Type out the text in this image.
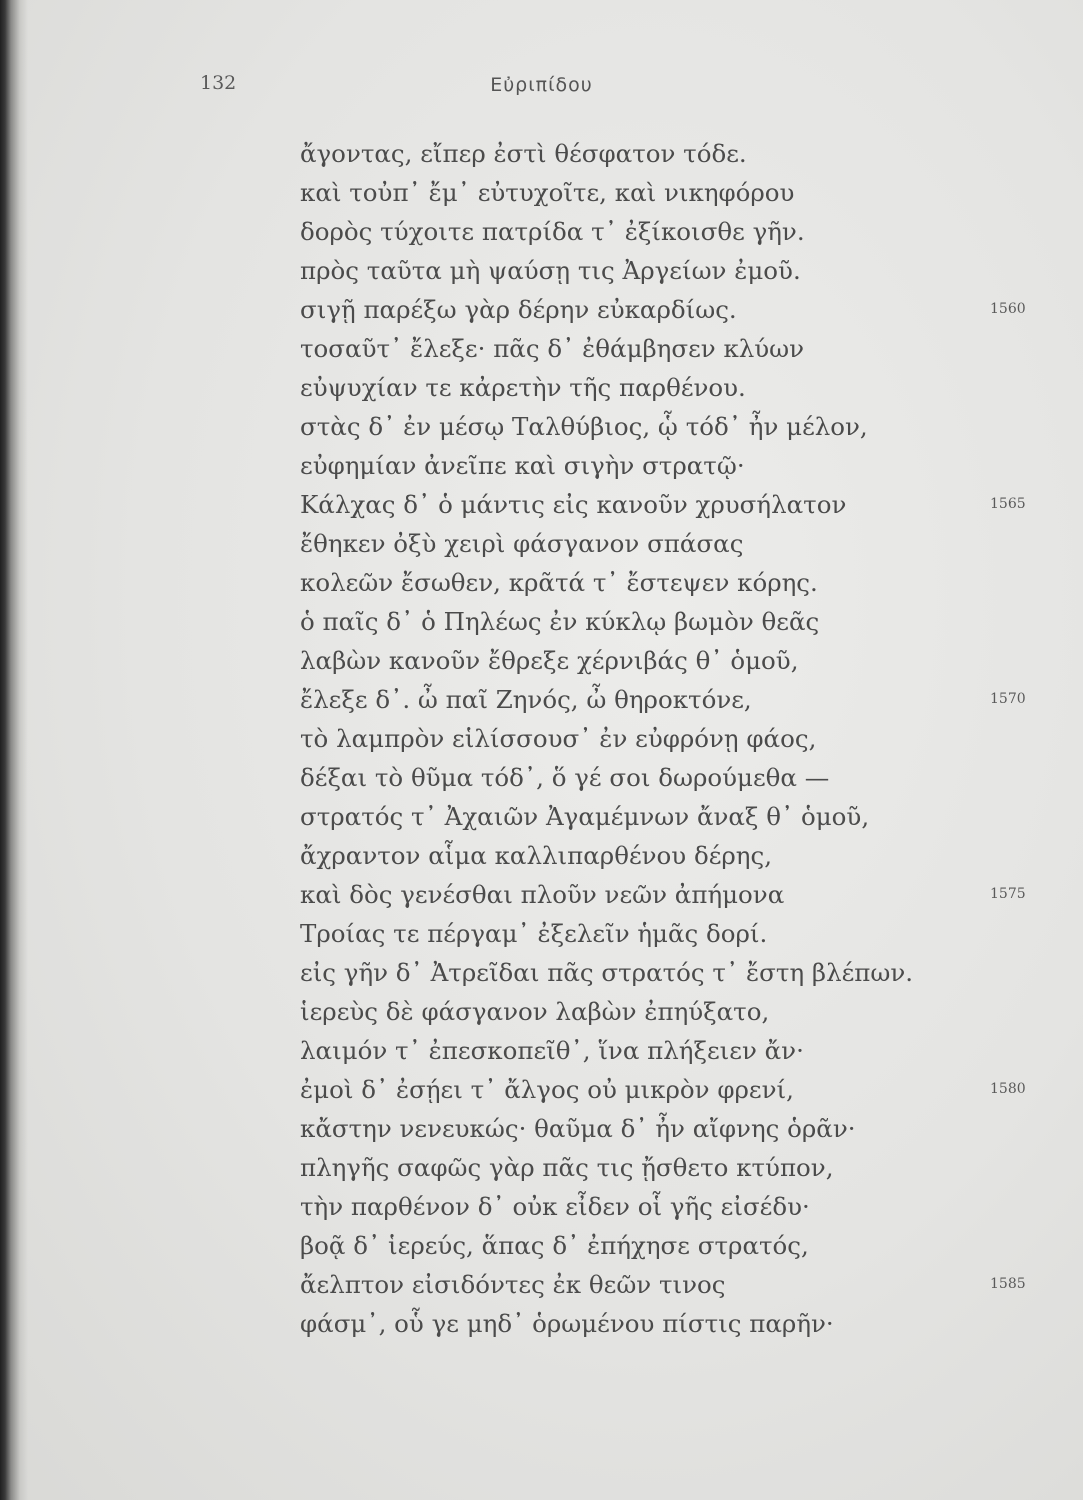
132	Εὐριπίδου
ἄγοντας, εἴπερ ἐστὶ θέσφατον τόδε.
καὶ τοὐπ᾽ ἔμ᾽ εὐτυχοῖτε, καὶ νικηφόρου
δορὸς τύχοιτε πατρίδα τ᾽ ἐξίκοισθε γῆν.
πρὸς ταῦτα μὴ ψαύσῃ τις Ἀργείων ἐμοῦ.
σιγῇ παρέξω γὰρ δέρην εὐκαρδίως.
τοσαῦτ᾽ ἔλεξε· πᾶς δ᾽ ἐθάμβησεν κλύων
εὐψυχίαν τε κἀρετὴν τῆς παρθένου.
στὰς δ᾽ ἐν μέσῳ Ταλθύβιος, ᾧ τόδ᾽ ἦν μέλον,
εὐφημίαν ἀνεῖπε καὶ σιγὴν στρατῷ·
Κάλχας δ᾽ ὁ μάντις εἰς κανοῦν χρυσήλατον
ἔθηκεν ὀξὺ χειρὶ φάσγανον σπάσας
κολεῶν ἔσωθεν, κρᾶτά τ᾽ ἔστεψεν κόρης.
ὁ παῖς δ᾽ ὁ Πηλέως ἐν κύκλῳ βωμὸν θεᾶς
λαβὼν κανοῦν ἔθρεξε χέρνιβάς θ᾽ ὁμοῦ,
ἔλεξε δ᾽. ὦ παῖ Ζηνός, ὦ θηροκτόνε,
τὸ λαμπρὸν εἱλίσσουσ᾽ ἐν εὐφρόνῃ φάος,
δέξαι τὸ θῦμα τόδ᾽, ὅ γέ σοι δωρούμεθα —
στρατός τ᾽ Ἀχαιῶν Ἀγαμέμνων ἄναξ θ᾽ ὁμοῦ,
ἄχραντον αἷμα καλλιπαρθένου δέρης,
καὶ δὸς γενέσθαι πλοῦν νεῶν ἀπήμονα
Τροίας τε πέργαμ᾽ ἐξελεῖν ἡμᾶς δορί.
εἰς γῆν δ᾽ Ἀτρεῖδαι πᾶς στρατός τ᾽ ἔστη βλέπων.
ἱερεὺς δὲ φάσγανον λαβὼν ἐπηύξατο,
λαιμόν τ᾽ ἐπεσκοπεῖθ᾽, ἵνα πλήξειεν ἄν·
ἐμοὶ δ᾽ ἐσῄει τ᾽ ἄλγος οὐ μικρὸν φρενί,
κἄστην νενευκώς· θαῦμα δ᾽ ἦν αἴφνης ὁρᾶν·
πληγῆς σαφῶς γὰρ πᾶς τις ᾔσθετο κτύπον,
τὴν παρθένον δ᾽ οὐκ εἶδεν οἷ γῆς εἰσέδυ·
βοᾷ δ᾽ ἱερεύς, ἅπας δ᾽ ἐπήχησε στρατός,
ἄελπτον εἰσιδόντες ἐκ θεῶν τινος
φάσμ᾽, οὗ γε μηδ᾽ ὁρωμένου πίστις παρῆν·
1560
1565
1570
1575
1580
1585
